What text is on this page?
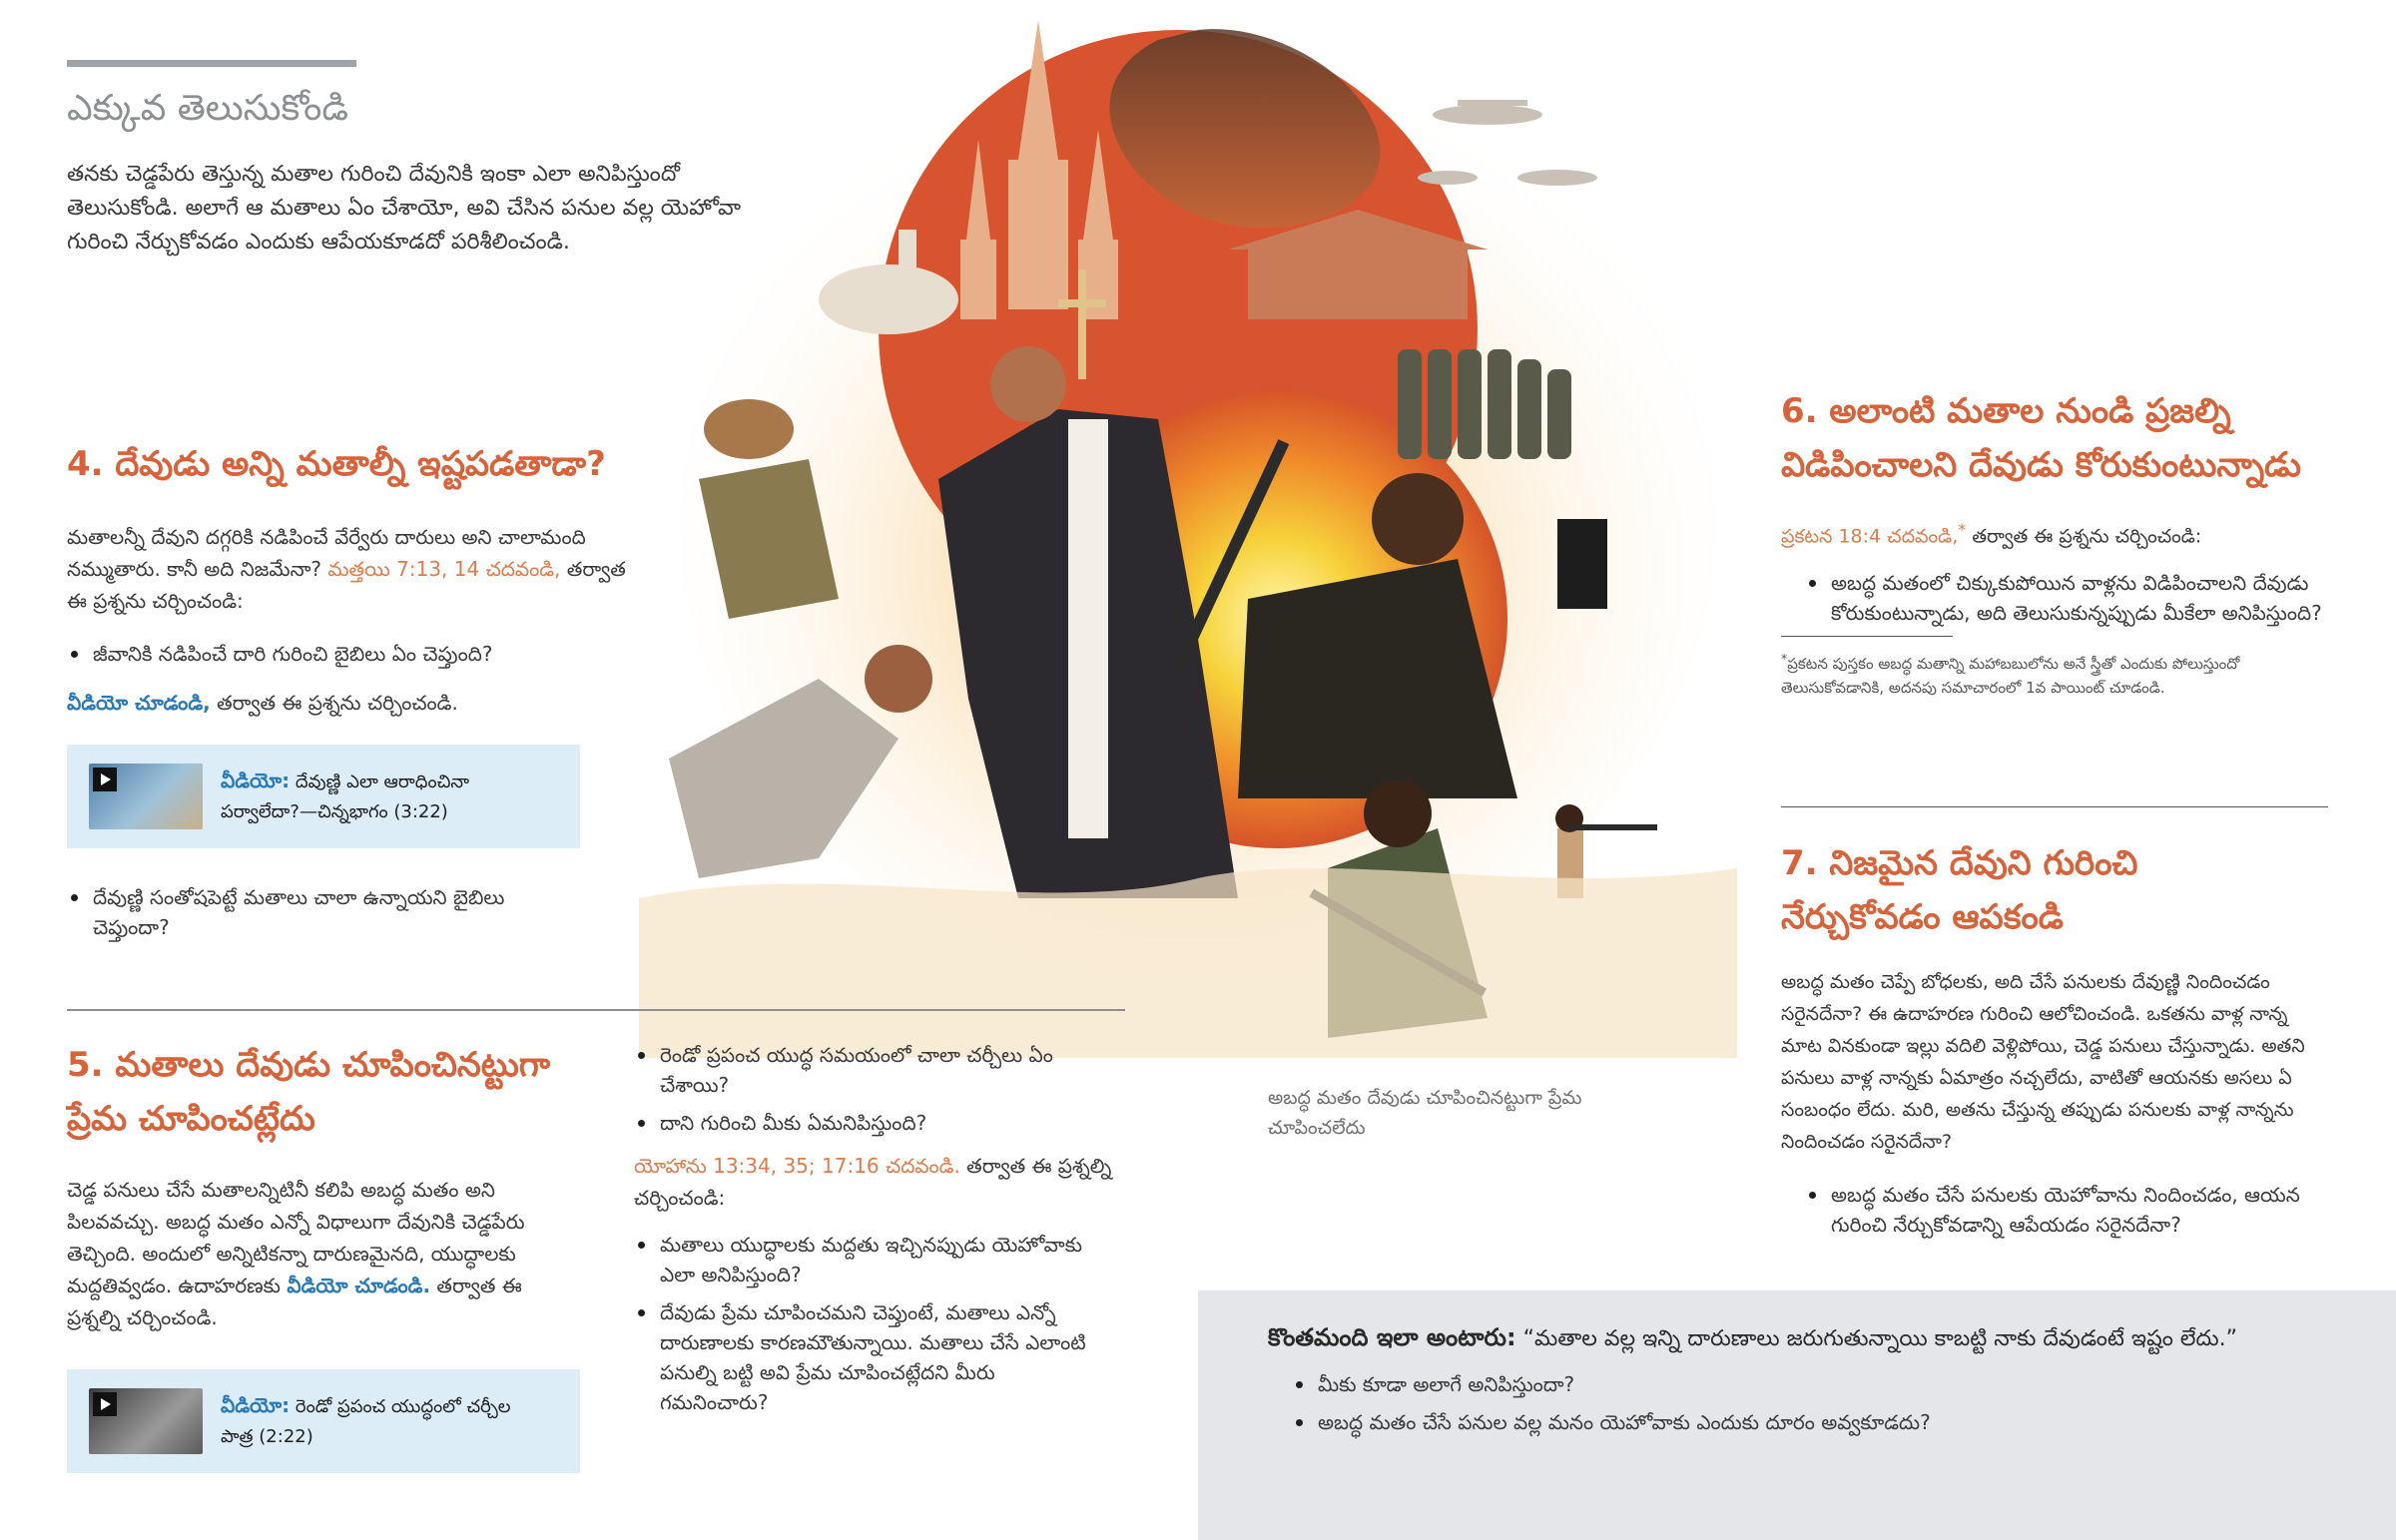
ఎక్కువ తెలుసుకోండి
తనకు చెడ్డపేరు తెస్తున్న మతాల గురించి దేవునికి ఇంకా ఎలా అనిపిస్తుందో తెలుసుకోండి. అలాగే ఆ మతాలు ఏం చేశాయో, అవి చేసిన పనుల వల్ల యెహోవా గురించి నేర్చుకోవడం ఎందుకు ఆపేయకూడదో పరిశీలించండి.
అబద్ధ మతం దేవుడు చూపించినట్టుగా ప్రేమ చూపించలేదు
4. దేవుడు అన్ని మతాల్నీ ఇష్టపడతాడా?
మతాలన్నీ దేవుని దగ్గరికి నడిపించే వేర్వేరు దారులు అని చాలామంది నమ్ముతారు. కానీ అది నిజమేనా? మత్తయి 7:13, 14 చదవండి, తర్వాత ఈ ప్రశ్నను చర్చించండి:
జీవానికి నడిపించే దారి గురించి బైబిలు ఏం చెప్తుంది?
వీడియో చూడండి, తర్వాత ఈ ప్రశ్నను చర్చించండి.
వీడియో: దేవుణ్ణి ఎలా ఆరాధించినా పర్వాలేదా?—చిన్నభాగం (3:22)
దేవుణ్ణి సంతోషపెట్టే మతాలు చాలా ఉన్నాయని బైబిలు చెప్తుందా?
5. మతాలు దేవుడు చూపించినట్టుగా ప్రేమ చూపించట్లేదు
చెడ్డ పనులు చేసే మతాలన్నిటినీ కలిపి అబద్ధ మతం అని పిలవవచ్చు. అబద్ధ మతం ఎన్నో విధాలుగా దేవునికి చెడ్డపేరు తెచ్చింది. అందులో అన్నిటికన్నా దారుణమైనది, యుద్ధాలకు మద్దతివ్వడం. ఉదాహరణకు వీడియో చూడండి. తర్వాత ఈ ప్రశ్నల్ని చర్చించండి.
వీడియో: రెండో ప్రపంచ యుద్ధంలో చర్చీల పాత్ర (2:22)
రెండో ప్రపంచ యుద్ధ సమయంలో చాలా చర్చీలు ఏం చేశాయి?
దాని గురించి మీకు ఏమనిపిస్తుంది?
యోహాను 13:34, 35; 17:16 చదవండి. తర్వాత ఈ ప్రశ్నల్ని చర్చించండి:
మతాలు యుద్ధాలకు మద్దతు ఇచ్చినప్పుడు యెహోవాకు ఎలా అనిపిస్తుంది?
దేవుడు ప్రేమ చూపించమని చెప్తుంటే, మతాలు ఎన్నో దారుణాలకు కారణమౌతున్నాయి. మతాలు చేసే ఎలాంటి పనుల్ని బట్టి అవి ప్రేమ చూపించట్లేదని మీరు గమనించారు?
6. అలాంటి మతాల నుండి ప్రజల్ని విడిపించాలని దేవుడు కోరుకుంటున్నాడు
ప్రకటన 18:4 చదవండి,* తర్వాత ఈ ప్రశ్నను చర్చించండి:
అబద్ధ మతంలో చిక్కుకుపోయిన వాళ్లను విడిపించాలని దేవుడు కోరుకుంటున్నాడు, అది తెలుసుకున్నప్పుడు మీకేలా అనిపిస్తుంది?
*ప్రకటన పుస్తకం అబద్ధ మతాన్ని మహాబబులోను అనే స్త్రీతో ఎందుకు పోలుస్తుందో తెలుసుకోవడానికి, అదనపు సమాచారంలో 1వ పాయింట్ చూడండి.
7. నిజమైన దేవుని గురించి నేర్చుకోవడం ఆపకండి
అబద్ధ మతం చెప్పే బోధలకు, అది చేసే పనులకు దేవుణ్ణి నిందించడం సరైనదేనా? ఈ ఉదాహరణ గురించి ఆలోచించండి. ఒకతను వాళ్ల నాన్న మాట వినకుండా ఇల్లు వదిలి వెళ్లిపోయి, చెడ్డ పనులు చేస్తున్నాడు. అతని పనులు వాళ్ల నాన్నకు ఏమాత్రం నచ్చలేదు, వాటితో ఆయనకు అసలు ఏ సంబంధం లేదు. మరి, అతను చేస్తున్న తప్పుడు పనులకు వాళ్ల నాన్నను నిందించడం సరైనదేనా?
అబద్ధ మతం చేసే పనులకు యెహోవాను నిందించడం, ఆయన గురించి నేర్చుకోవడాన్ని ఆపేయడం సరైనదేనా?
కొంతమంది ఇలా అంటారు: “మతాల వల్ల ఇన్ని దారుణాలు జరుగుతున్నాయి కాబట్టి నాకు దేవుడంటే ఇష్టం లేదు.”
మీకు కూడా అలాగే అనిపిస్తుందా?
అబద్ధ మతం చేసే పనుల వల్ల మనం యెహోవాకు ఎందుకు దూరం అవ్వకూడదు?
